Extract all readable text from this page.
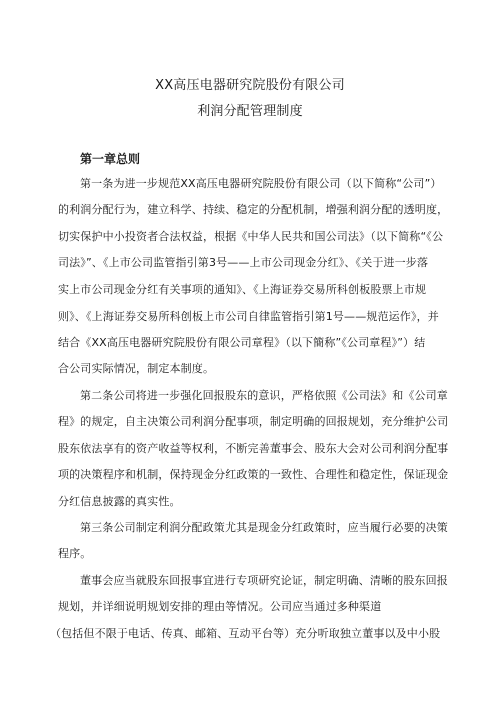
XX高压电器研究院股份有限公司
利润分配管理制度
第一章总则
第一条为进一步规范XX高压电器研究院股份有限公司（以下简称“公司”）
的利润分配行为，建立科学、持续、稳定的分配机制，增强利润分配的透明度，
切实保护中小投资者合法权益，根据《中华人民共和国公司法》（以下简称“《公
司法》”、《上市公司监管指引第3号——上市公司现金分红》、《关于进一步落
实上市公司现金分红有关事项的通知》、《上海证券交易所科创板股票上市规
则》、《上海证券交易所科创板上市公司自律监管指引第1号——规范运作》，并
结合《XX高压电器研究院股份有限公司章程》（以下簡称”《公司章程》”）结
合公司实际情况，制定本制度。
第二条公司将进一步强化回报股东的意识，严格依照《公司法》和《公司章
程》的规定，自主决策公司利润分配事项，制定明确的回报规划，充分维护公司
股东依法享有的资产收益等权利，不断完善董事会、股东大会对公司利润分配事
项的决策程序和机制，保持现金分红政策的一致性、合理性和稳定性，保证现金
分红信息披露的真实性。
第三条公司制定利润分配政策尤其是现金分红政策时，应当履行必要的决策
程序。
董事会应当就股东回报事宜进行专项研究论证，制定明确、清晰的股东回报
规划，并详细说明规划安排的理由等情况。公司应当通过多种渠道
（包括但不限于电话、传真、邮箱、互动平台等）充分听取独立董事以及中小股
